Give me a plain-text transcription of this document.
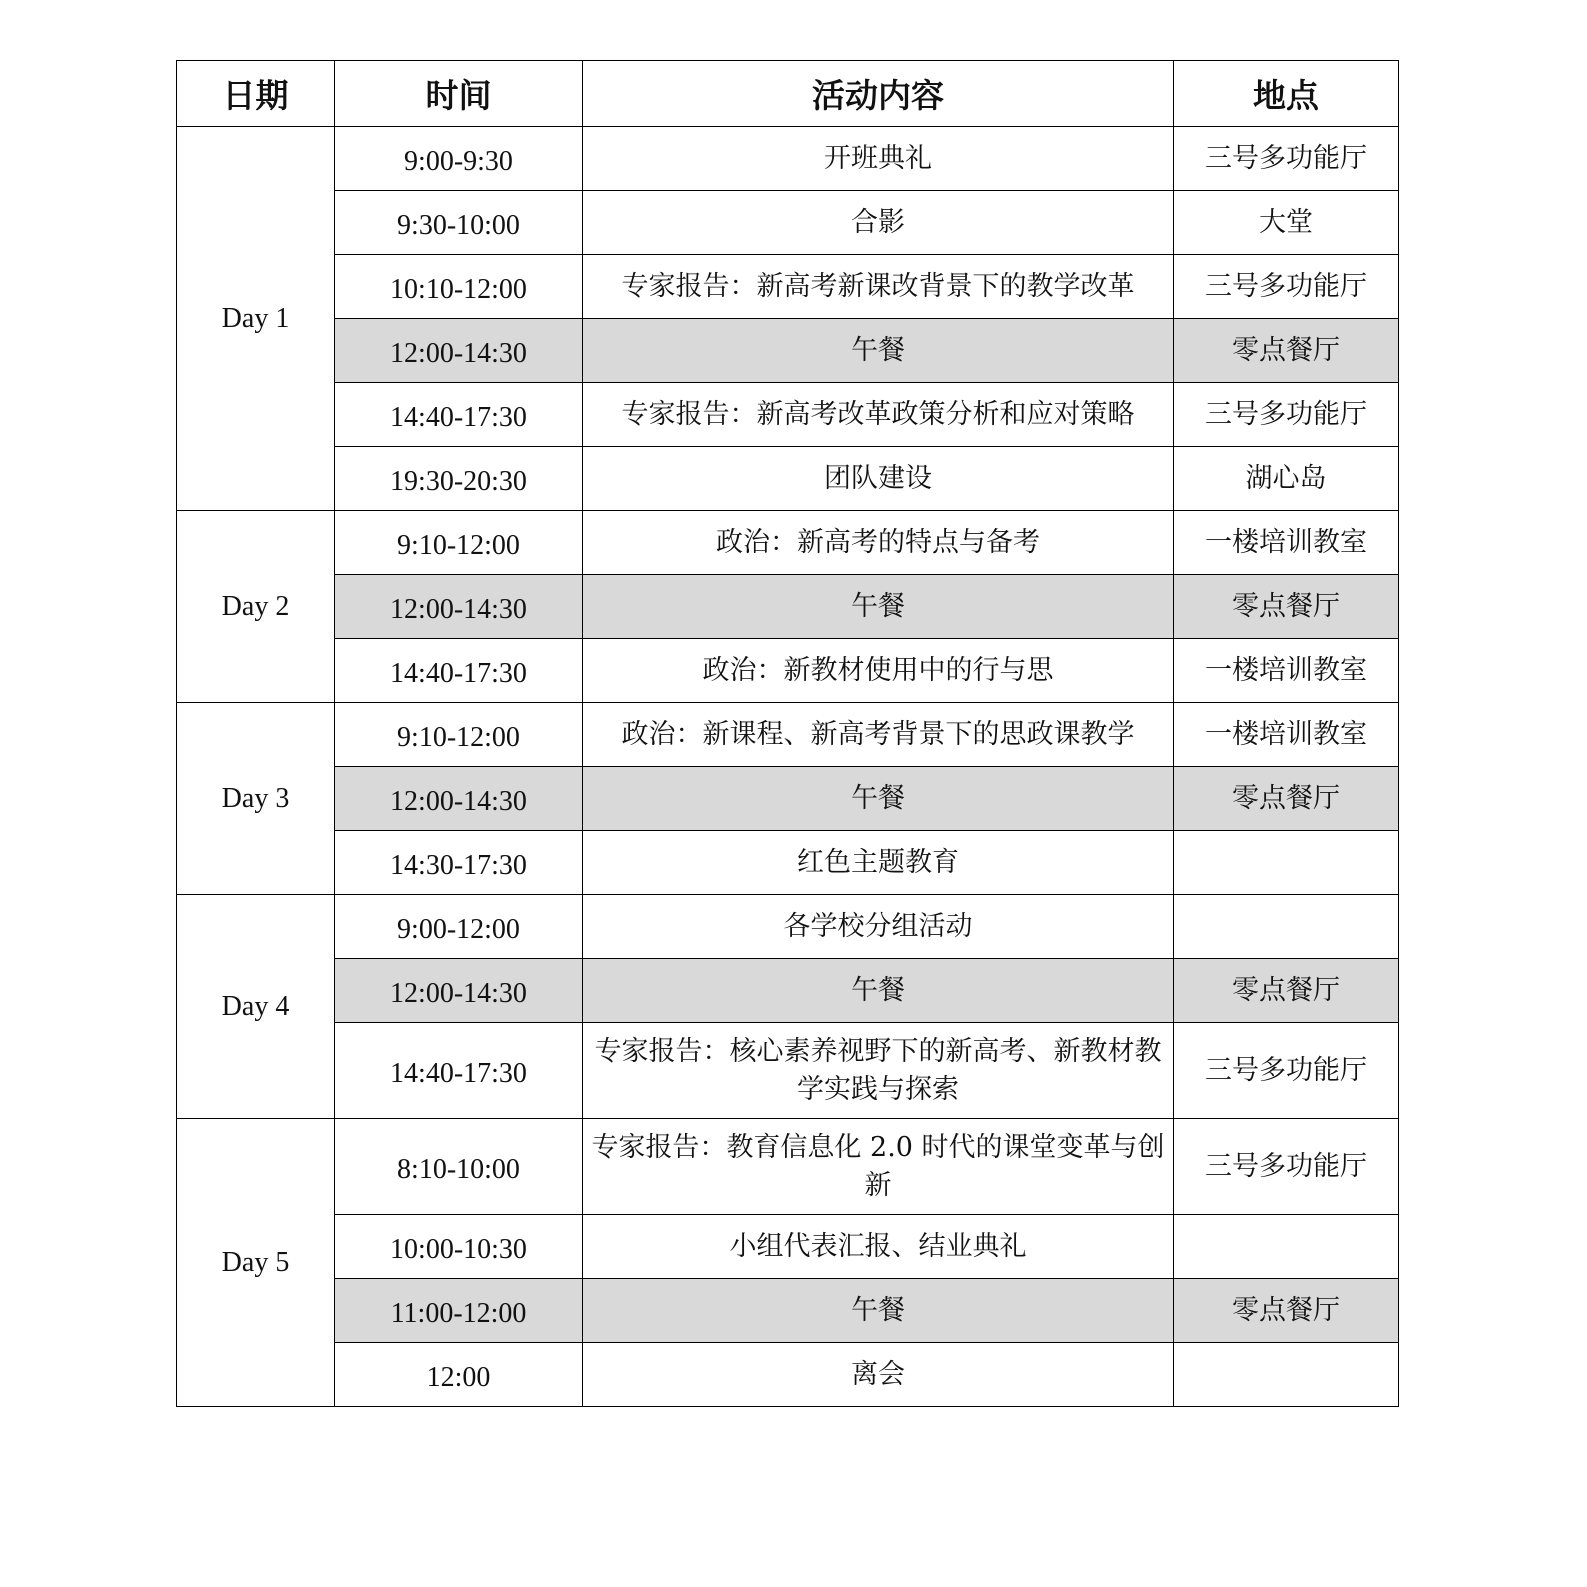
日期	时间	活动内容	地点
Day 1	9:00-9:30	开班典礼	三号多功能厅
	9:30-10:00	合影	大堂
	10:10-12:00	专家报告：新高考新课改背景下的教学改革	三号多功能厅
	12:00-14:30	午餐	零点餐厅
	14:40-17:30	专家报告：新高考改革政策分析和应对策略	三号多功能厅
	19:30-20:30	团队建设	湖心岛
Day 2	9:10-12:00	政治：新高考的特点与备考	一楼培训教室
	12:00-14:30	午餐	零点餐厅
	14:40-17:30	政治：新教材使用中的行与思	一楼培训教室
Day 3	9:10-12:00	政治：新课程、新高考背景下的思政课教学	一楼培训教室
	12:00-14:30	午餐	零点餐厅
	14:30-17:30	红色主题教育	
Day 4	9:00-12:00	各学校分组活动	
	12:00-14:30	午餐	零点餐厅
	14:40-17:30	专家报告：核心素养视野下的新高考、新教材教学实践与探索	三号多功能厅
Day 5	8:10-10:00	专家报告：教育信息化 2.0 时代的课堂变革与创新	三号多功能厅
	10:00-10:30	小组代表汇报、结业典礼	
	11:00-12:00	午餐	零点餐厅
	12:00	离会	
